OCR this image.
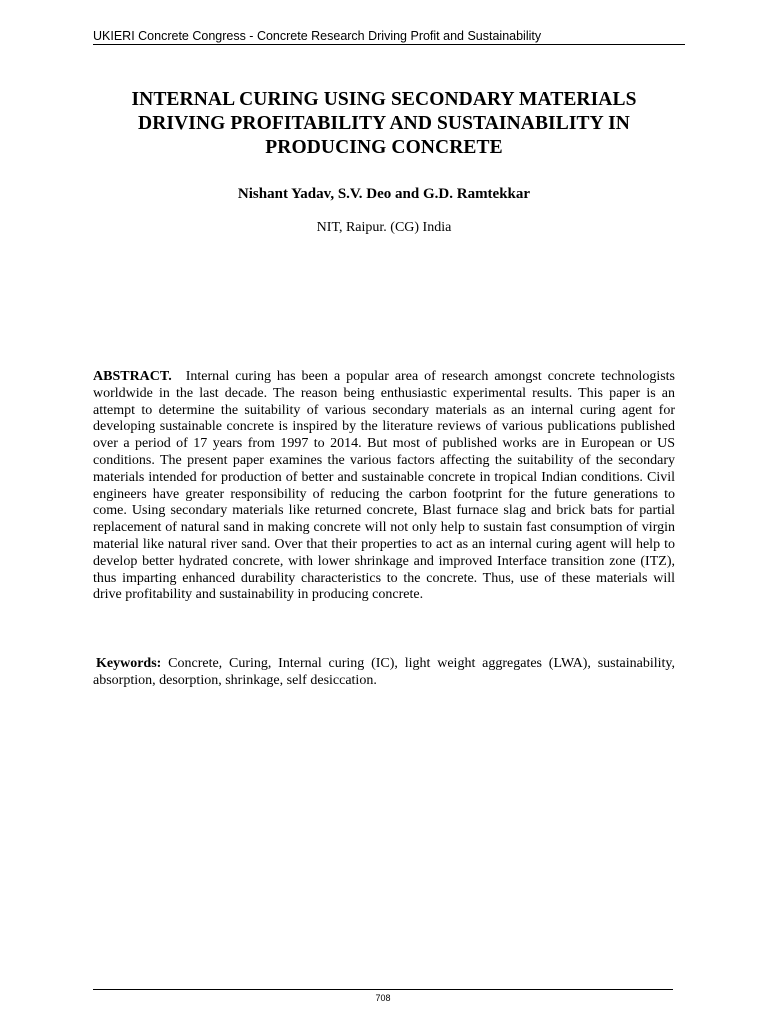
UKIERI Concrete Congress - Concrete Research Driving Profit and Sustainability
INTERNAL CURING USING SECONDARY MATERIALS
DRIVING PROFITABILITY AND SUSTAINABILITY IN
PRODUCING CONCRETE
Nishant Yadav, S.V. Deo and G.D. Ramtekkar
NIT, Raipur. (CG) India

ABSTRACT. Internal curing has been a popular area of research amongst concrete technologists worldwide in the last decade. The reason being enthusiastic experimental results. This paper is an attempt to determine the suitability of various secondary materials as an internal curing agent for developing sustainable concrete is inspired by the literature reviews of various publications published over a period of 17 years from 1997 to 2014. But most of published works are in European or US conditions. The present paper examines the various factors affecting the suitability of the secondary materials intended for production of better and sustainable concrete in tropical Indian conditions. Civil engineers have greater responsibility of reducing the carbon footprint for the future generations to come. Using secondary materials like returned concrete, Blast furnace slag and brick bats for partial replacement of natural sand in making concrete will not only help to sustain fast consumption of virgin material like natural river sand. Over that their properties to act as an internal curing agent will help to develop better hydrated concrete, with lower shrinkage and improved Interface transition zone (ITZ), thus imparting enhanced durability characteristics to the concrete. Thus, use of these materials will drive profitability and sustainability in producing concrete.

Keywords: Concrete, Curing, Internal curing (IC), light weight aggregates (LWA), sustainability, absorption, desorption, shrinkage, self desiccation.

708
